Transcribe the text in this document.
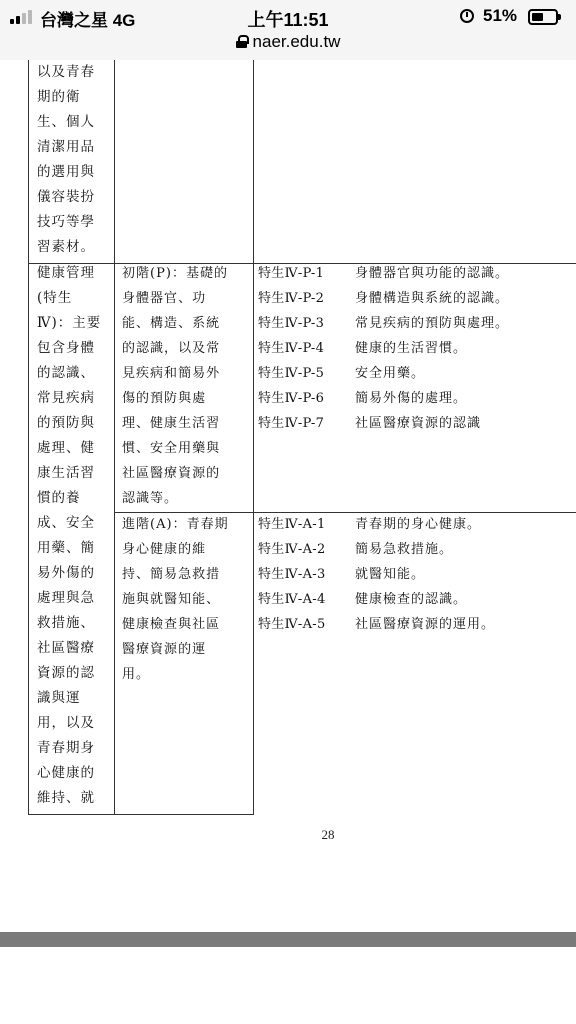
台灣之星 4G	上午11:51	51%
naer.edu.tw
以及青春
期的衛
生、個人
清潔用品
的選用與
儀容裝扮
技巧等學
習素材。
健康管理
(特生
Ⅳ)：主要
包含身體
的認識、
常見疾病
的預防與
處理、健
康生活習
慣的養
成、安全
用藥、簡
易外傷的
處理與急
救措施、
社區醫療
資源的認
識與運
用，以及
青春期身
心健康的
維持、就
初階(P)：基礎的
身體器官、功
能、構造、系統
的認識，以及常
見疾病和簡易外
傷的預防與處
理、健康生活習
慣、安全用藥與
社區醫療資源的
認識等。
特生Ⅳ-P-1 身體器官與功能的認識。
特生Ⅳ-P-2 身體構造與系統的認識。
特生Ⅳ-P-3 常見疾病的預防與處理。
特生Ⅳ-P-4 健康的生活習慣。
特生Ⅳ-P-5 安全用藥。
特生Ⅳ-P-6 簡易外傷的處理。
特生Ⅳ-P-7 社區醫療資源的認識
進階(A)：青春期
身心健康的維
持、簡易急救措
施與就醫知能、
健康檢查與社區
醫療資源的運
用。
特生Ⅳ-A-1 青春期的身心健康。
特生Ⅳ-A-2 簡易急救措施。
特生Ⅳ-A-3 就醫知能。
特生Ⅳ-A-4 健康檢查的認識。
特生Ⅳ-A-5 社區醫療資源的運用。
28
